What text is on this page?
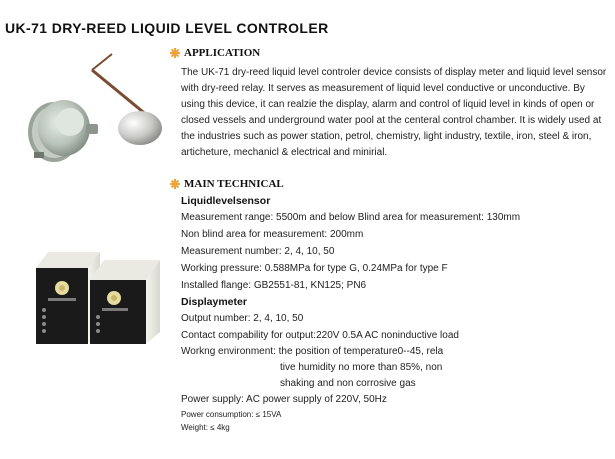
UK-71 DRY-REED LIQUID LEVEL CONTROLER
APPLICATION
The UK-71 dry-reed liquid level controler device consists of display meter and liquid level sensor with dry-reed relay. It serves as measurement of liquid level conductive or unconductive. By using this device, it can realzie the display, alarm and control of liquid level in kinds of open or closed vessels and underground water pool at the centeral control chamber. It is widely used at the industries such as power station, petrol, chemistry, light industry, textile, iron, steel & iron, articheture, mechanicl & electrical and minirial.
MAIN TECHNICAL
Liquidlevelsensor
Measurement range: 5500m and below Blind area for measurement: 130mm
Non blind area for measurement: 200mm
Measurement number: 2, 4, 10, 50
Working pressure: 0.588MPa for type G, 0.24MPa for type F
Installed flange: GB2551-81, KN125; PN6
Displaymeter
Output number: 2, 4, 10, 50
Contact compability for output:220V 0.5A AC noninductive load
Workng environment: the position of temperature0--45, rela
tive humidity no more than 85%, non
shaking and non corrosive gas
Power supply: AC power supply of 220V, 50Hz
Power consumption: ≤ 15VA
Weight: ≤ 4kg
